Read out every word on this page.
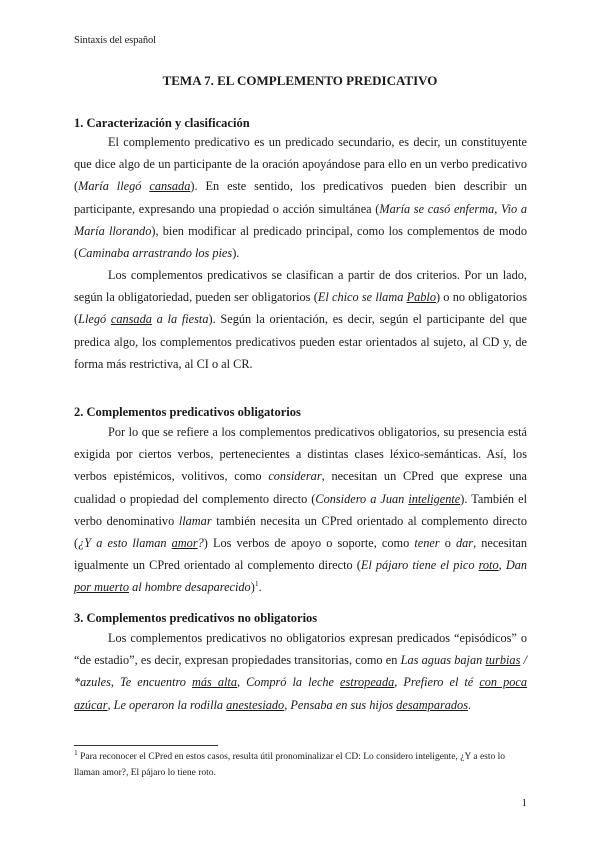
Sintaxis del español
TEMA 7. EL COMPLEMENTO PREDICATIVO
1. Caracterización y clasificación

El complemento predicativo es un predicado secundario, es decir, un constituyente que dice algo de un participante de la oración apoyándose para ello en un verbo predicativo (María llegó cansada). En este sentido, los predicativos pueden bien describir un participante, expresando una propiedad o acción simultánea (María se casó enferma, Vio a María llorando), bien modificar al predicado principal, como los complementos de modo (Caminaba arrastrando los pies).

Los complementos predicativos se clasifican a partir de dos criterios. Por un lado, según la obligatoriedad, pueden ser obligatorios (El chico se llama Pablo) o no obligatorios (Llegó cansada a la fiesta). Según la orientación, es decir, según el participante del que predica algo, los complementos predicativos pueden estar orientados al sujeto, al CD y, de forma más restrictiva, al CI o al CR.

2. Complementos predicativos obligatorios

Por lo que se refiere a los complementos predicativos obligatorios, su presencia está exigida por ciertos verbos, pertenecientes a distintas clases léxico-semánticas. Así, los verbos epistémicos, volitivos, como considerar, necesitan un CPred que exprese una cualidad o propiedad del complemento directo (Considero a Juan inteligente). También el verbo denominativo llamar también necesita un CPred orientado al complemento directo (¿Y a esto llaman amor?) Los verbos de apoyo o soporte, como tener o dar, necesitan igualmente un CPred orientado al complemento directo (El pájaro tiene el pico roto, Dan por muerto al hombre desaparecido)$^1$.

3. Complementos predicativos no obligatorios

Los complementos predicativos no obligatorios expresan predicados “episódicos” o “de estadio”, es decir, expresan propiedades transitorias, como en Las aguas bajan turbias / *azules, Te encuentro más alta, Compró la leche estropeada, Prefiero el té con poca azúcar, Le operaron la rodilla anestesiado, Pensaba en sus hijos desamparados.

$^1$ Para reconocer el CPred en estos casos, resulta útil pronominalizar el CD: Lo considero inteligente, ¿Y a esto lo llaman amor?, El pájaro lo tiene roto.

1
